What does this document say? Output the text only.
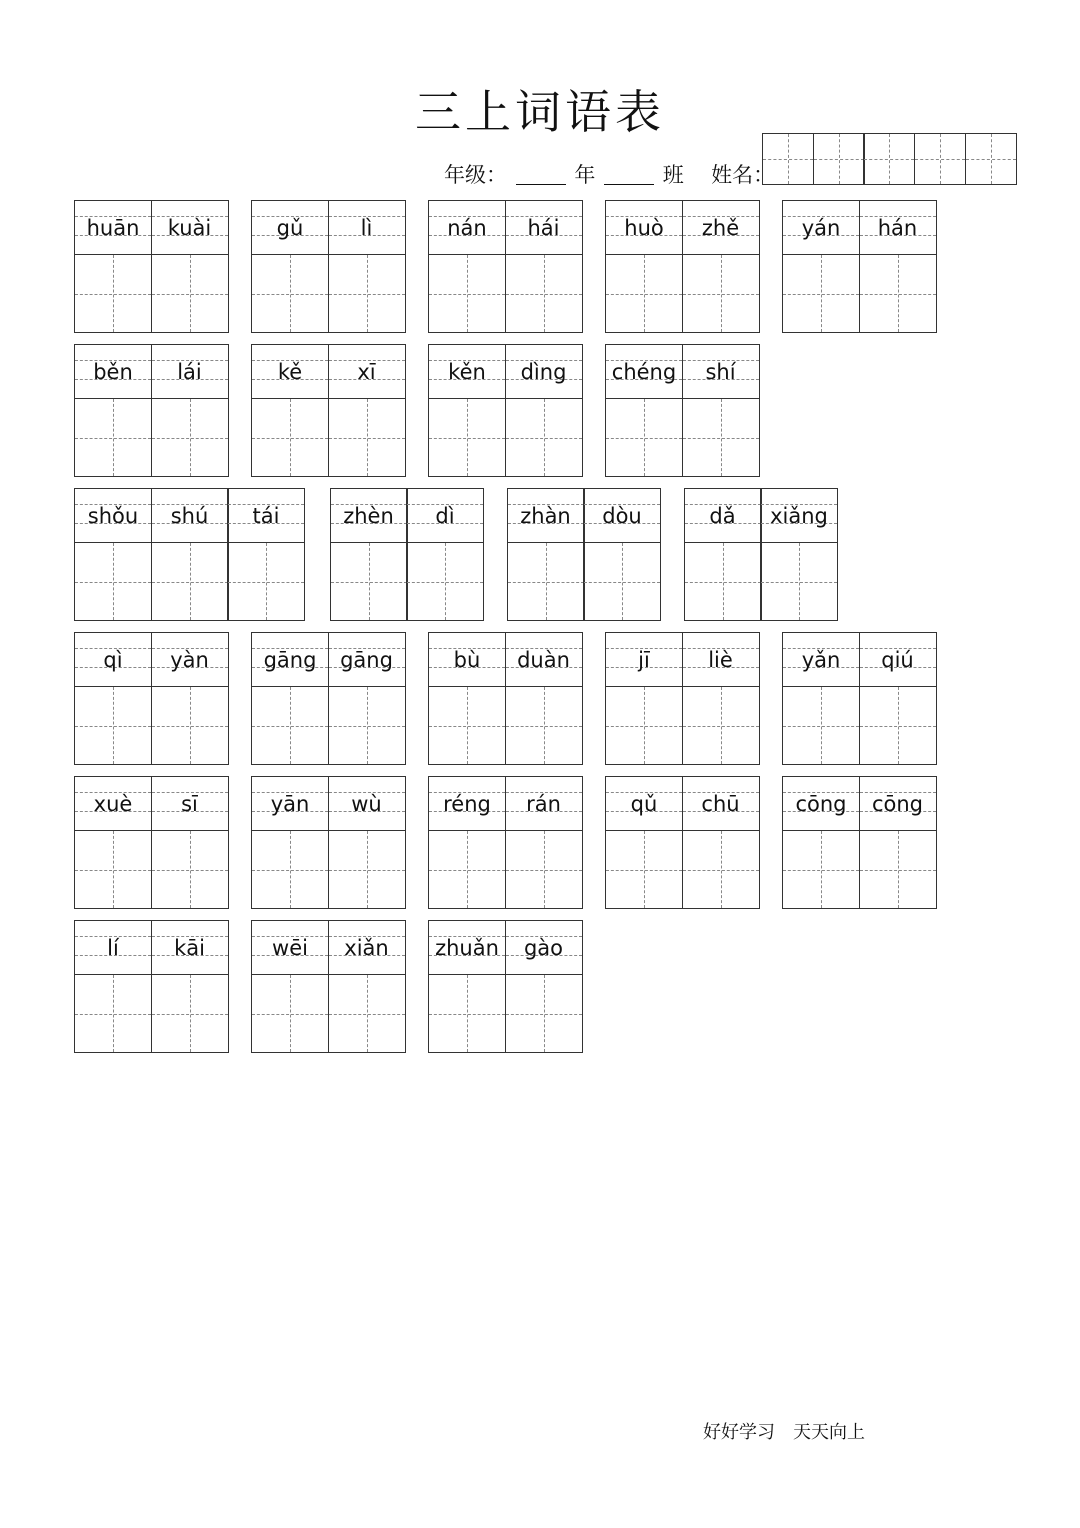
三上词语表
年级：	年	班 姓名：
huān kuài	gǔ	lì	nán hái	huò zhě	yán hán
běn lái	kě	xī	kěn dìng chéng shí
shǒu shú tái	zhèn dì	zhàn dòu	dǎ xiǎng
qì yàn	gāng gāng	bù duàn	jī	liè	yǎn qiú
xuè sī	yān wù	réng rán	qǔ chū	cōng cōng
lí	kāi	wēi xiǎn zhuǎn gào
好好学习　天天向上
